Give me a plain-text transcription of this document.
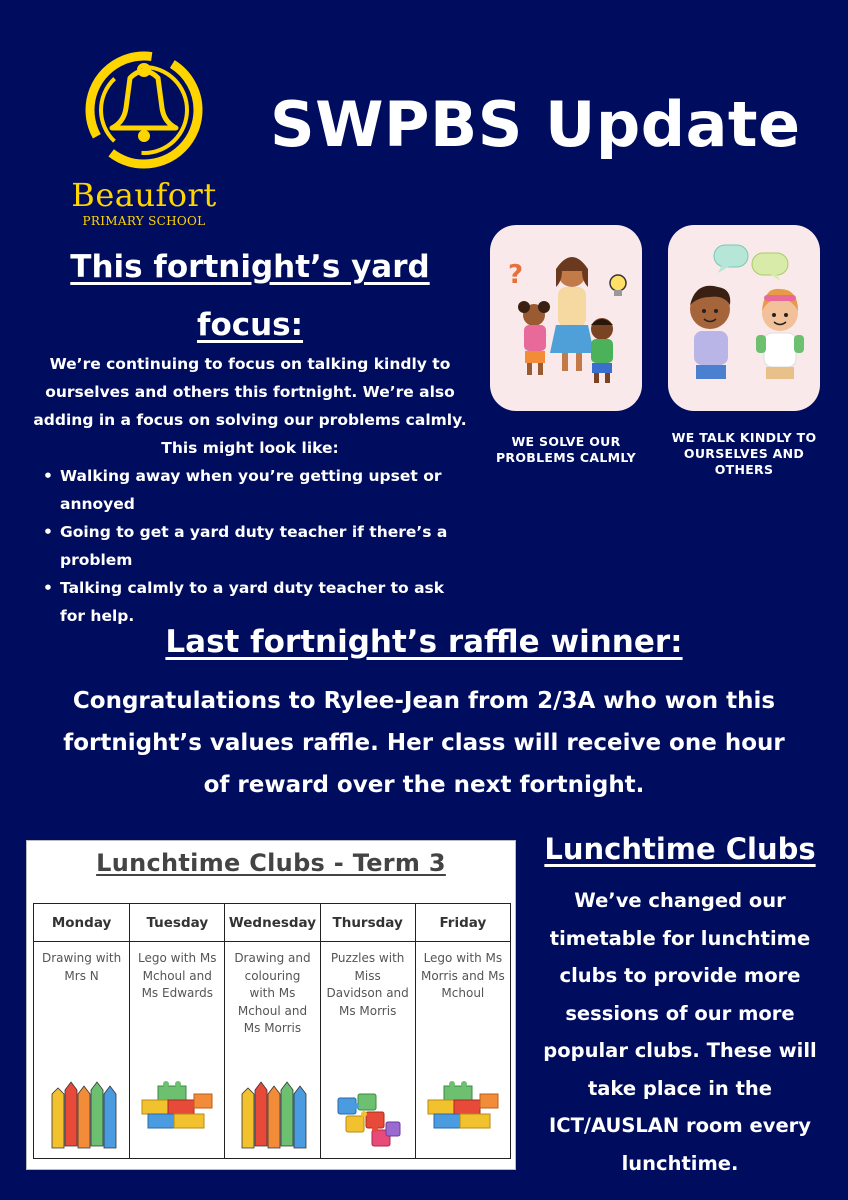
Beaufort
PRIMARY SCHOOL
SWPBS Update
This fortnight’s yard focus:

We’re continuing to focus on talking kindly to ourselves and others this fortnight. We’re also adding in a focus on solving our problems calmly. This might look like:

• Walking away when you’re getting upset or annoyed
• Going to get a yard duty teacher if there’s a problem
• Talking calmly to a yard duty teacher to ask for help.
?
WE SOLVE OUR PROBLEMS CALMLY
WE TALK KINDLY TO OURSELVES AND OTHERS
Last fortnight’s raffle winner:

Congratulations to Rylee-Jean from 2/3A who won this fortnight’s values raffle. Her class will receive one hour of reward over the next fortnight.

Lunchtime Clubs - Term 3
Monday
Drawing with Mrs N
Tuesday
Lego with Ms Mchoul and Ms Edwards
Wednesday
Drawing and colouring with Ms Mchoul and Ms Morris
Thursday
Puzzles with Miss Davidson and Ms Morris
Friday
Lego with Ms Morris and Ms Mchoul
Lunchtime Clubs

We’ve changed our timetable for lunchtime clubs to provide more sessions of our more popular clubs. These will take place in the ICT/AUSLAN room every lunchtime.
